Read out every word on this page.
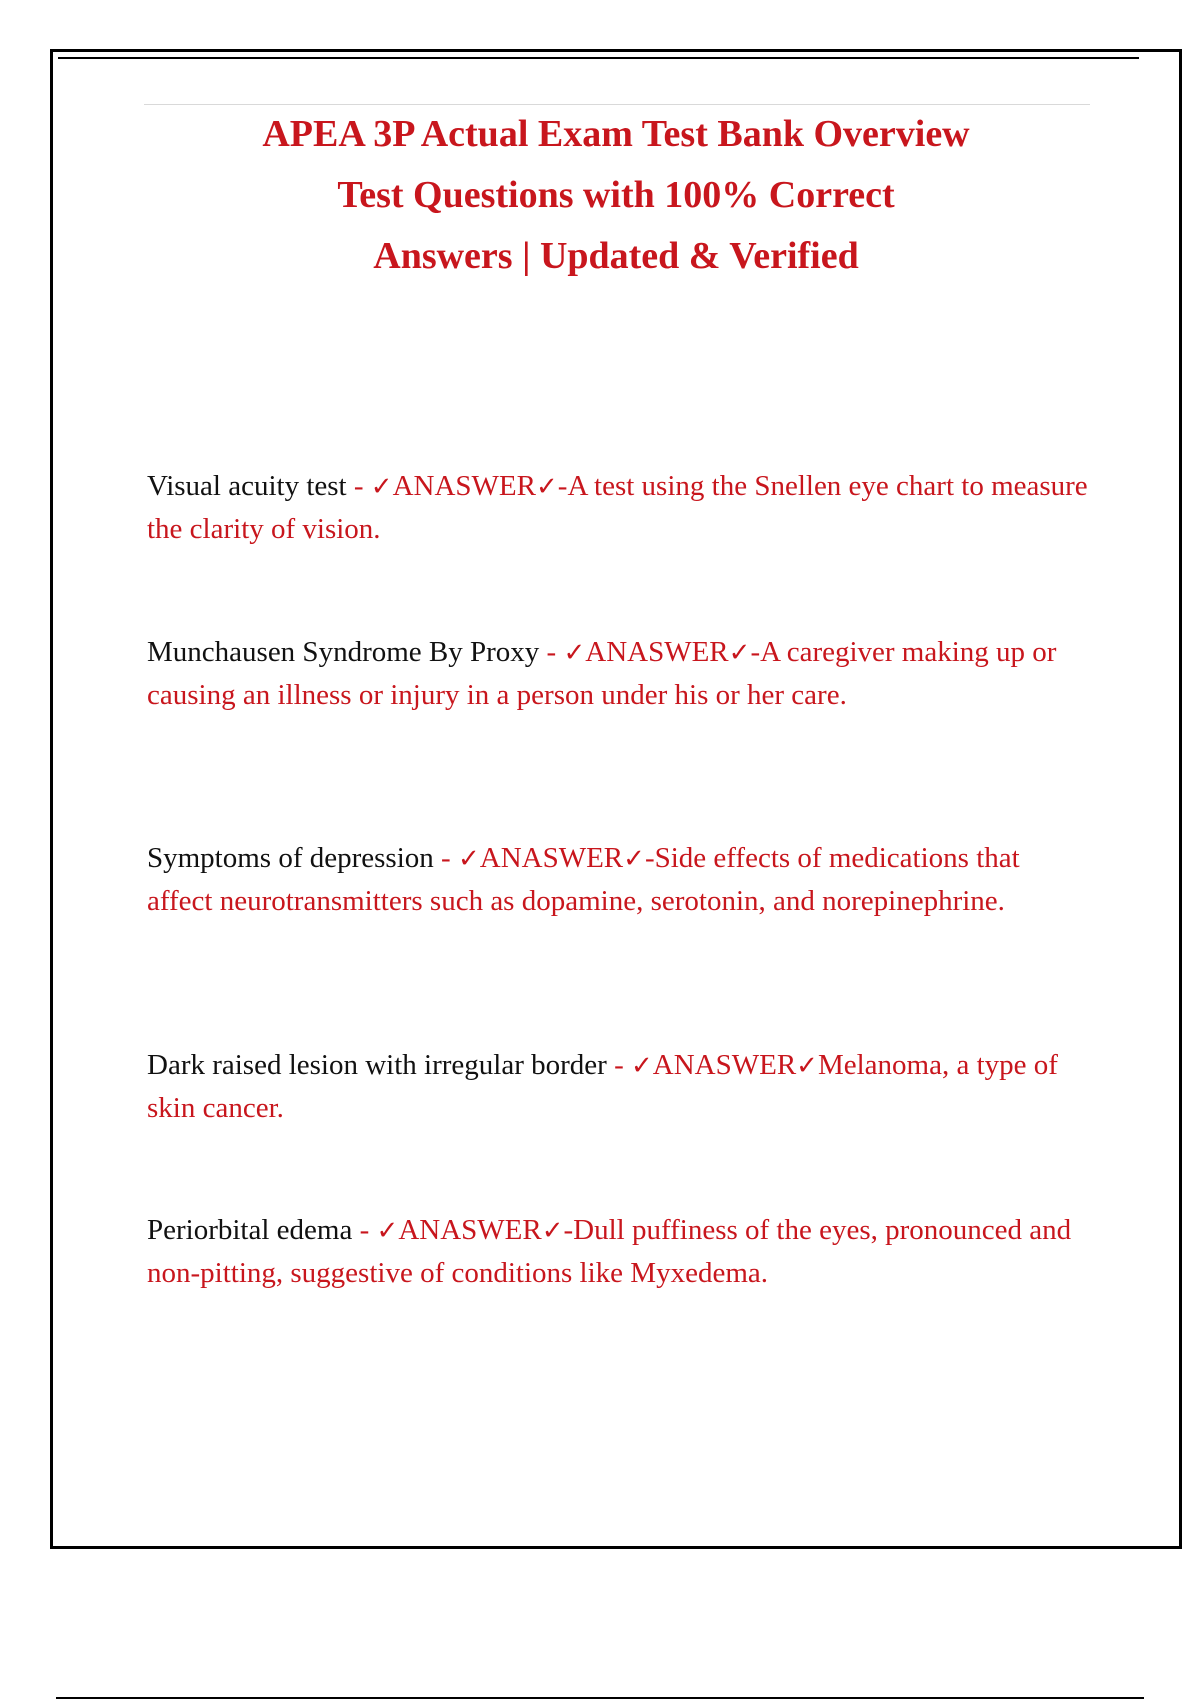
APEA 3P Actual Exam Test Bank Overview
Test Questions with 100% Correct
Answers | Updated & Verified
Visual acuity test - ✓ANASWER✓-A test using the Snellen eye chart to measure the clarity of vision.
Munchausen Syndrome By Proxy - ✓ANASWER✓-A caregiver making up or causing an illness or injury in a person under his or her care.
Symptoms of depression - ✓ANASWER✓-Side effects of medications that affect neurotransmitters such as dopamine, serotonin, and norepinephrine.
Dark raised lesion with irregular border - ✓ANASWER✓Melanoma, a type of skin cancer.
Periorbital edema - ✓ANASWER✓-Dull puffiness of the eyes, pronounced and non-pitting, suggestive of conditions like Myxedema.
